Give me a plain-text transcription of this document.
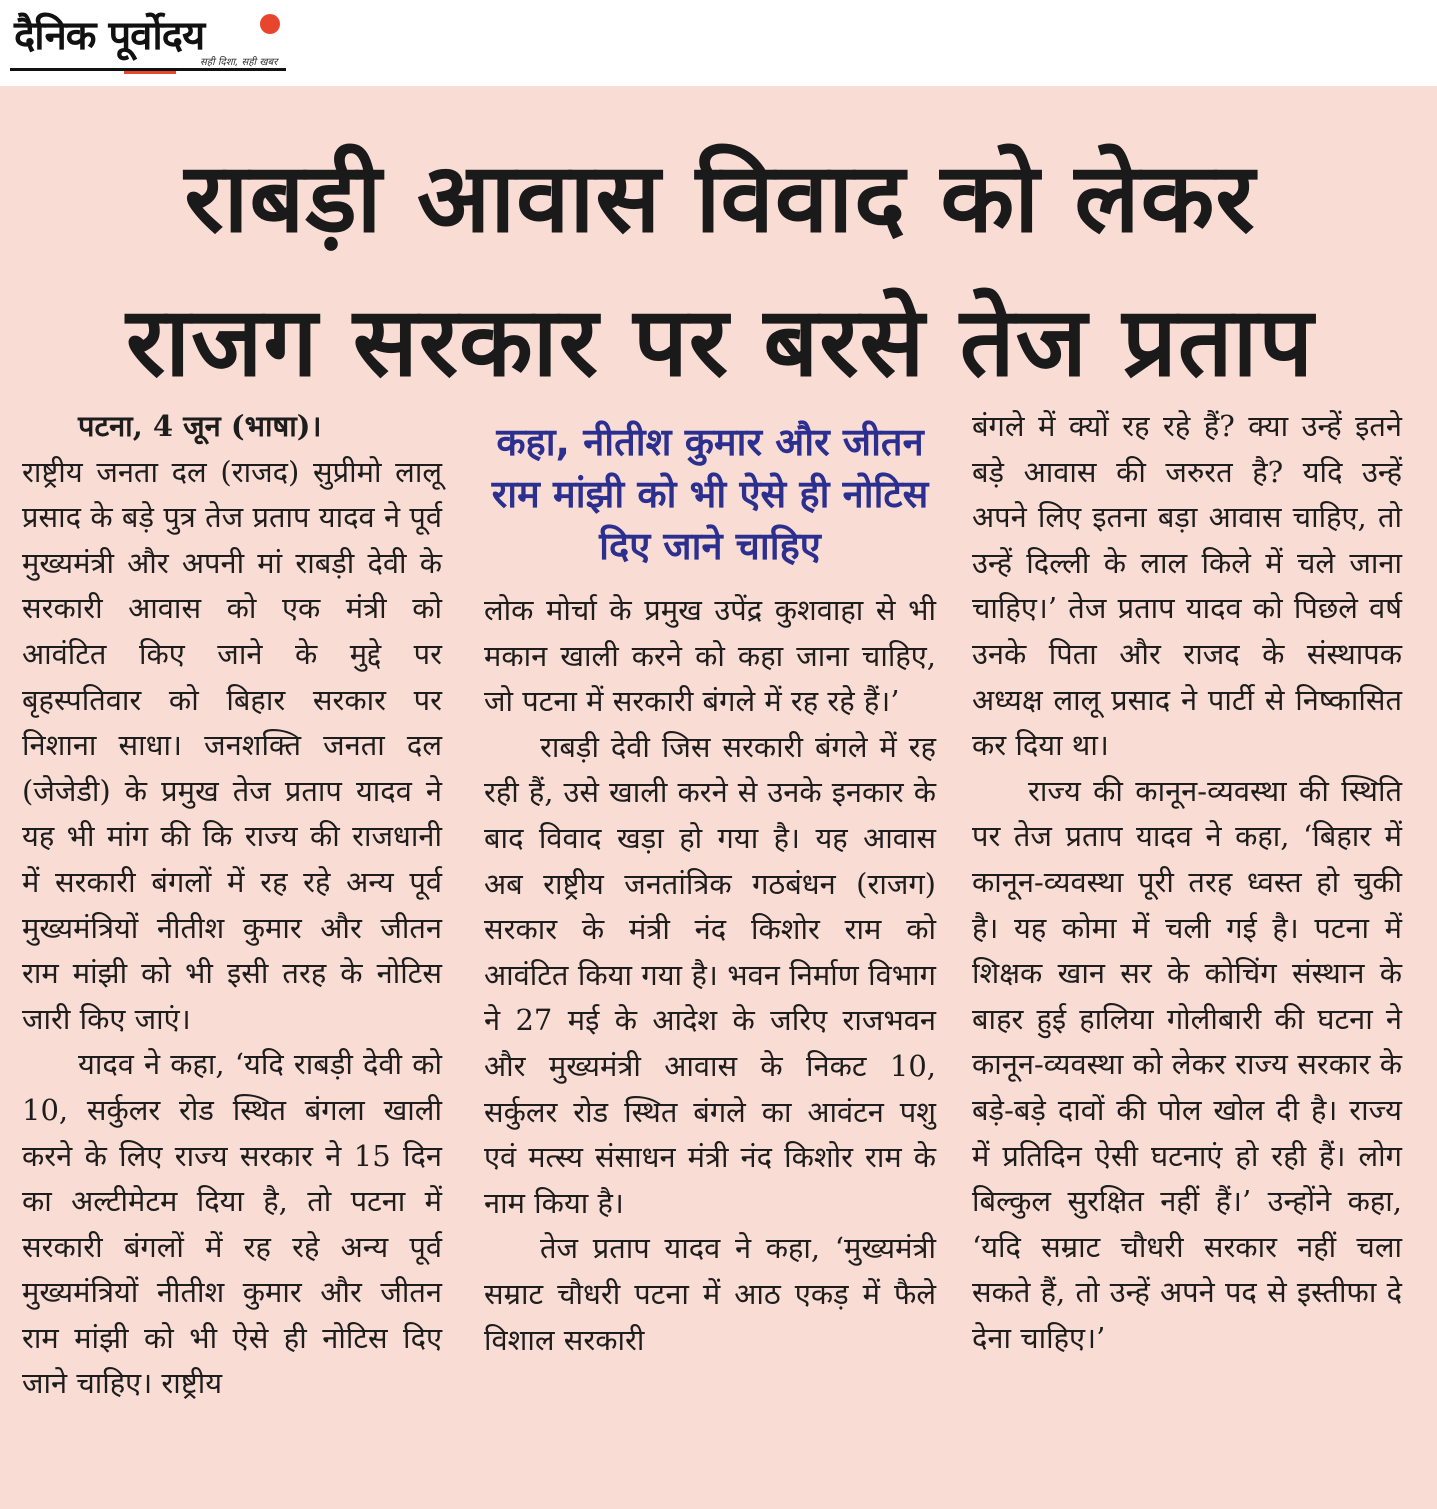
दैनिक पूर्वोदय
सही दिशा, सही खबर
राबड़ी आवास विवाद को लेकर
राजग सरकार पर बरसे तेज प्रताप

पटना, 4 जून (भाषा)।

राष्ट्रीय जनता दल (राजद) सुप्रीमो लालू प्रसाद के बड़े पुत्र तेज प्रताप यादव ने पूर्व मुख्यमंत्री और अपनी मां राबड़ी देवी के सरकारी आवास को एक मंत्री को आवंटित किए जाने के मुद्दे पर बृहस्पतिवार को बिहार सरकार पर निशाना साधा। जनशक्ति जनता दल (जेजेडी) के प्रमुख तेज प्रताप यादव ने यह भी मांग की कि राज्य की राजधानी में सरकारी बंगलों में रह रहे अन्य पूर्व मुख्यमंत्रियों नीतीश कुमार और जीतन राम मांझी को भी इसी तरह के नोटिस जारी किए जाएं।

यादव ने कहा, ‘यदि राबड़ी देवी को 10, सर्कुलर रोड स्थित बंगला खाली करने के लिए राज्य सरकार ने 15 दिन का अल्टीमेटम दिया है, तो पटना में सरकारी बंगलों में रह रहे अन्य पूर्व मुख्यमंत्रियों नीतीश कुमार और जीतन राम मांझी को भी ऐसे ही नोटिस दिए जाने चाहिए। राष्ट्रीय

कहा, नीतीश कुमार और जीतन राम मांझी को भी ऐसे ही नोटिस दिए जाने चाहिए

लोक मोर्चा के प्रमुख उपेंद्र कुशवाहा से भी मकान खाली करने को कहा जाना चाहिए, जो पटना में सरकारी बंगले में रह रहे हैं।’

राबड़ी देवी जिस सरकारी बंगले में रह रही हैं, उसे खाली करने से उनके इनकार के बाद विवाद खड़ा हो गया है। यह आवास अब राष्ट्रीय जनतांत्रिक गठबंधन (राजग) सरकार के मंत्री नंद किशोर राम को आवंटित किया गया है। भवन निर्माण विभाग ने 27 मई के आदेश के जरिए राजभवन और मुख्यमंत्री आवास के निकट 10, सर्कुलर रोड स्थित बंगले का आवंटन पशु एवं मत्स्य संसाधन मंत्री नंद किशोर राम के नाम किया है।

तेज प्रताप यादव ने कहा, ‘मुख्यमंत्री सम्राट चौधरी पटना में आठ एकड़ में फैले विशाल सरकारी

बंगले में क्यों रह रहे हैं? क्या उन्हें इतने बड़े आवास की जरुरत है? यदि उन्हें अपने लिए इतना बड़ा आवास चाहिए, तो उन्हें दिल्ली के लाल किले में चले जाना चाहिए।’ तेज प्रताप यादव को पिछले वर्ष उनके पिता और राजद के संस्थापक अध्यक्ष लालू प्रसाद ने पार्टी से निष्कासित कर दिया था।

राज्य की कानून-व्यवस्था की स्थिति पर तेज प्रताप यादव ने कहा, ‘बिहार में कानून-व्यवस्था पूरी तरह ध्वस्त हो चुकी है। यह कोमा में चली गई है। पटना में शिक्षक खान सर के कोचिंग संस्थान के बाहर हुई हालिया गोलीबारी की घटना ने कानून-व्यवस्था को लेकर राज्य सरकार के बड़े-बड़े दावों की पोल खोल दी है। राज्य में प्रतिदिन ऐसी घटनाएं हो रही हैं। लोग बिल्कुल सुरक्षित नहीं हैं।’ उन्होंने कहा, ‘यदि सम्राट चौधरी सरकार नहीं चला सकते हैं, तो उन्हें अपने पद से इस्तीफा दे देना चाहिए।’
